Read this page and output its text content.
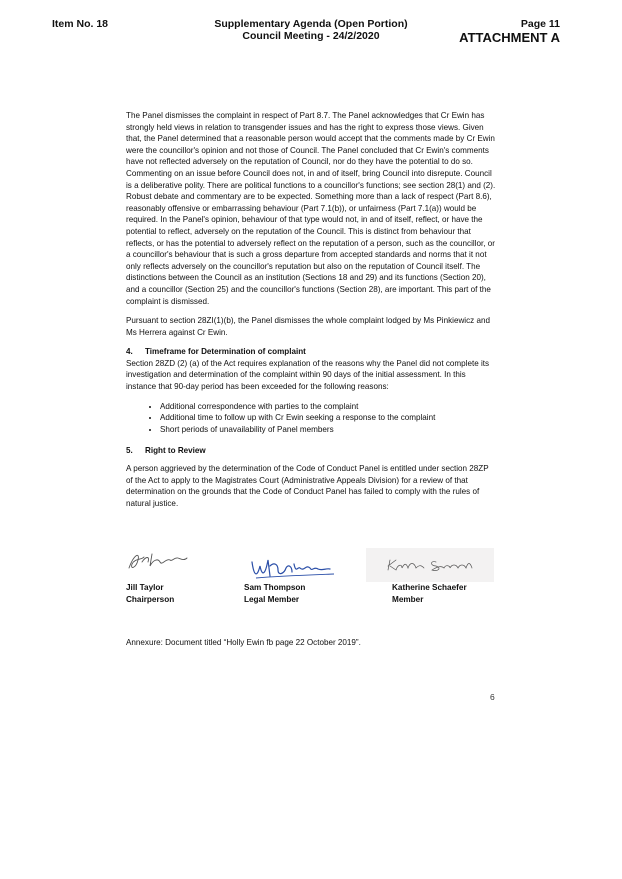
Item No. 18	Supplementary Agenda (Open Portion)
Council Meeting - 24/2/2020
Page 11
ATTACHMENT A

The Panel dismisses the complaint in respect of Part 8.7. The Panel acknowledges that Cr Ewin has strongly held views in relation to transgender issues and has the right to express those views. Given that, the Panel determined that a reasonable person would accept that the comments made by Cr Ewin were the councillor's opinion and not those of Council. The Panel concluded that Cr Ewin's comments have not reflected adversely on the reputation of Council, nor do they have the potential to do so. Commenting on an issue before Council does not, in and of itself, bring Council into disrepute. Council is a deliberative polity. There are political functions to a councillor's functions; see section 28(1) and (2). Robust debate and commentary are to be expected. Something more than a lack of respect (Part 8.6), reasonably offensive or embarrassing behaviour (Part 7.1(b)), or unfairness (Part 7.1(a)) would be required. In the Panel's opinion, behaviour of that type would not, in and of itself, reflect, or have the potential to reflect, adversely on the reputation of the Council. This is distinct from behaviour that reflects, or has the potential to adversely reflect on the reputation of a person, such as the councillor, or a councillor's behaviour that is such a gross departure from accepted standards and norms that it not only reflects adversely on the councillor's reputation but also on the reputation of Council itself. The distinctions between the Council as an institution (Sections 18 and 29) and its functions (Section 20), and a councillor (Section 25) and the councillor's functions (Section 28), are important. This part of the complaint is dismissed.

Pursuant to section 28ZI(1)(b), the Panel dismisses the whole complaint lodged by Ms Pinkiewicz and Ms Herrera against Cr Ewin.

4. Timeframe for Determination of complaint

Section 28ZD (2) (a) of the Act requires explanation of the reasons why the Panel did not complete its investigation and determination of the complaint within 90 days of the initial assessment. In this instance that 90-day period has been exceeded for the following reasons:

• Additional correspondence with parties to the complaint
• Additional time to follow up with Cr Ewin seeking a response to the complaint
• Short periods of unavailability of Panel members
5. Right to Review

A person aggrieved by the determination of the Code of Conduct Panel is entitled under section 28ZP of the Act to apply to the Magistrates Court (Administrative Appeals Division) for a review of that determination on the grounds that the Code of Conduct Panel has failed to comply with the rules of natural justice.

Jill Taylor
Chairperson
Sam Thompson
Legal Member
Katherine Schaefer
Member
Annexure: Document titled “Holly Ewin fb page 22 October 2019”.
6
